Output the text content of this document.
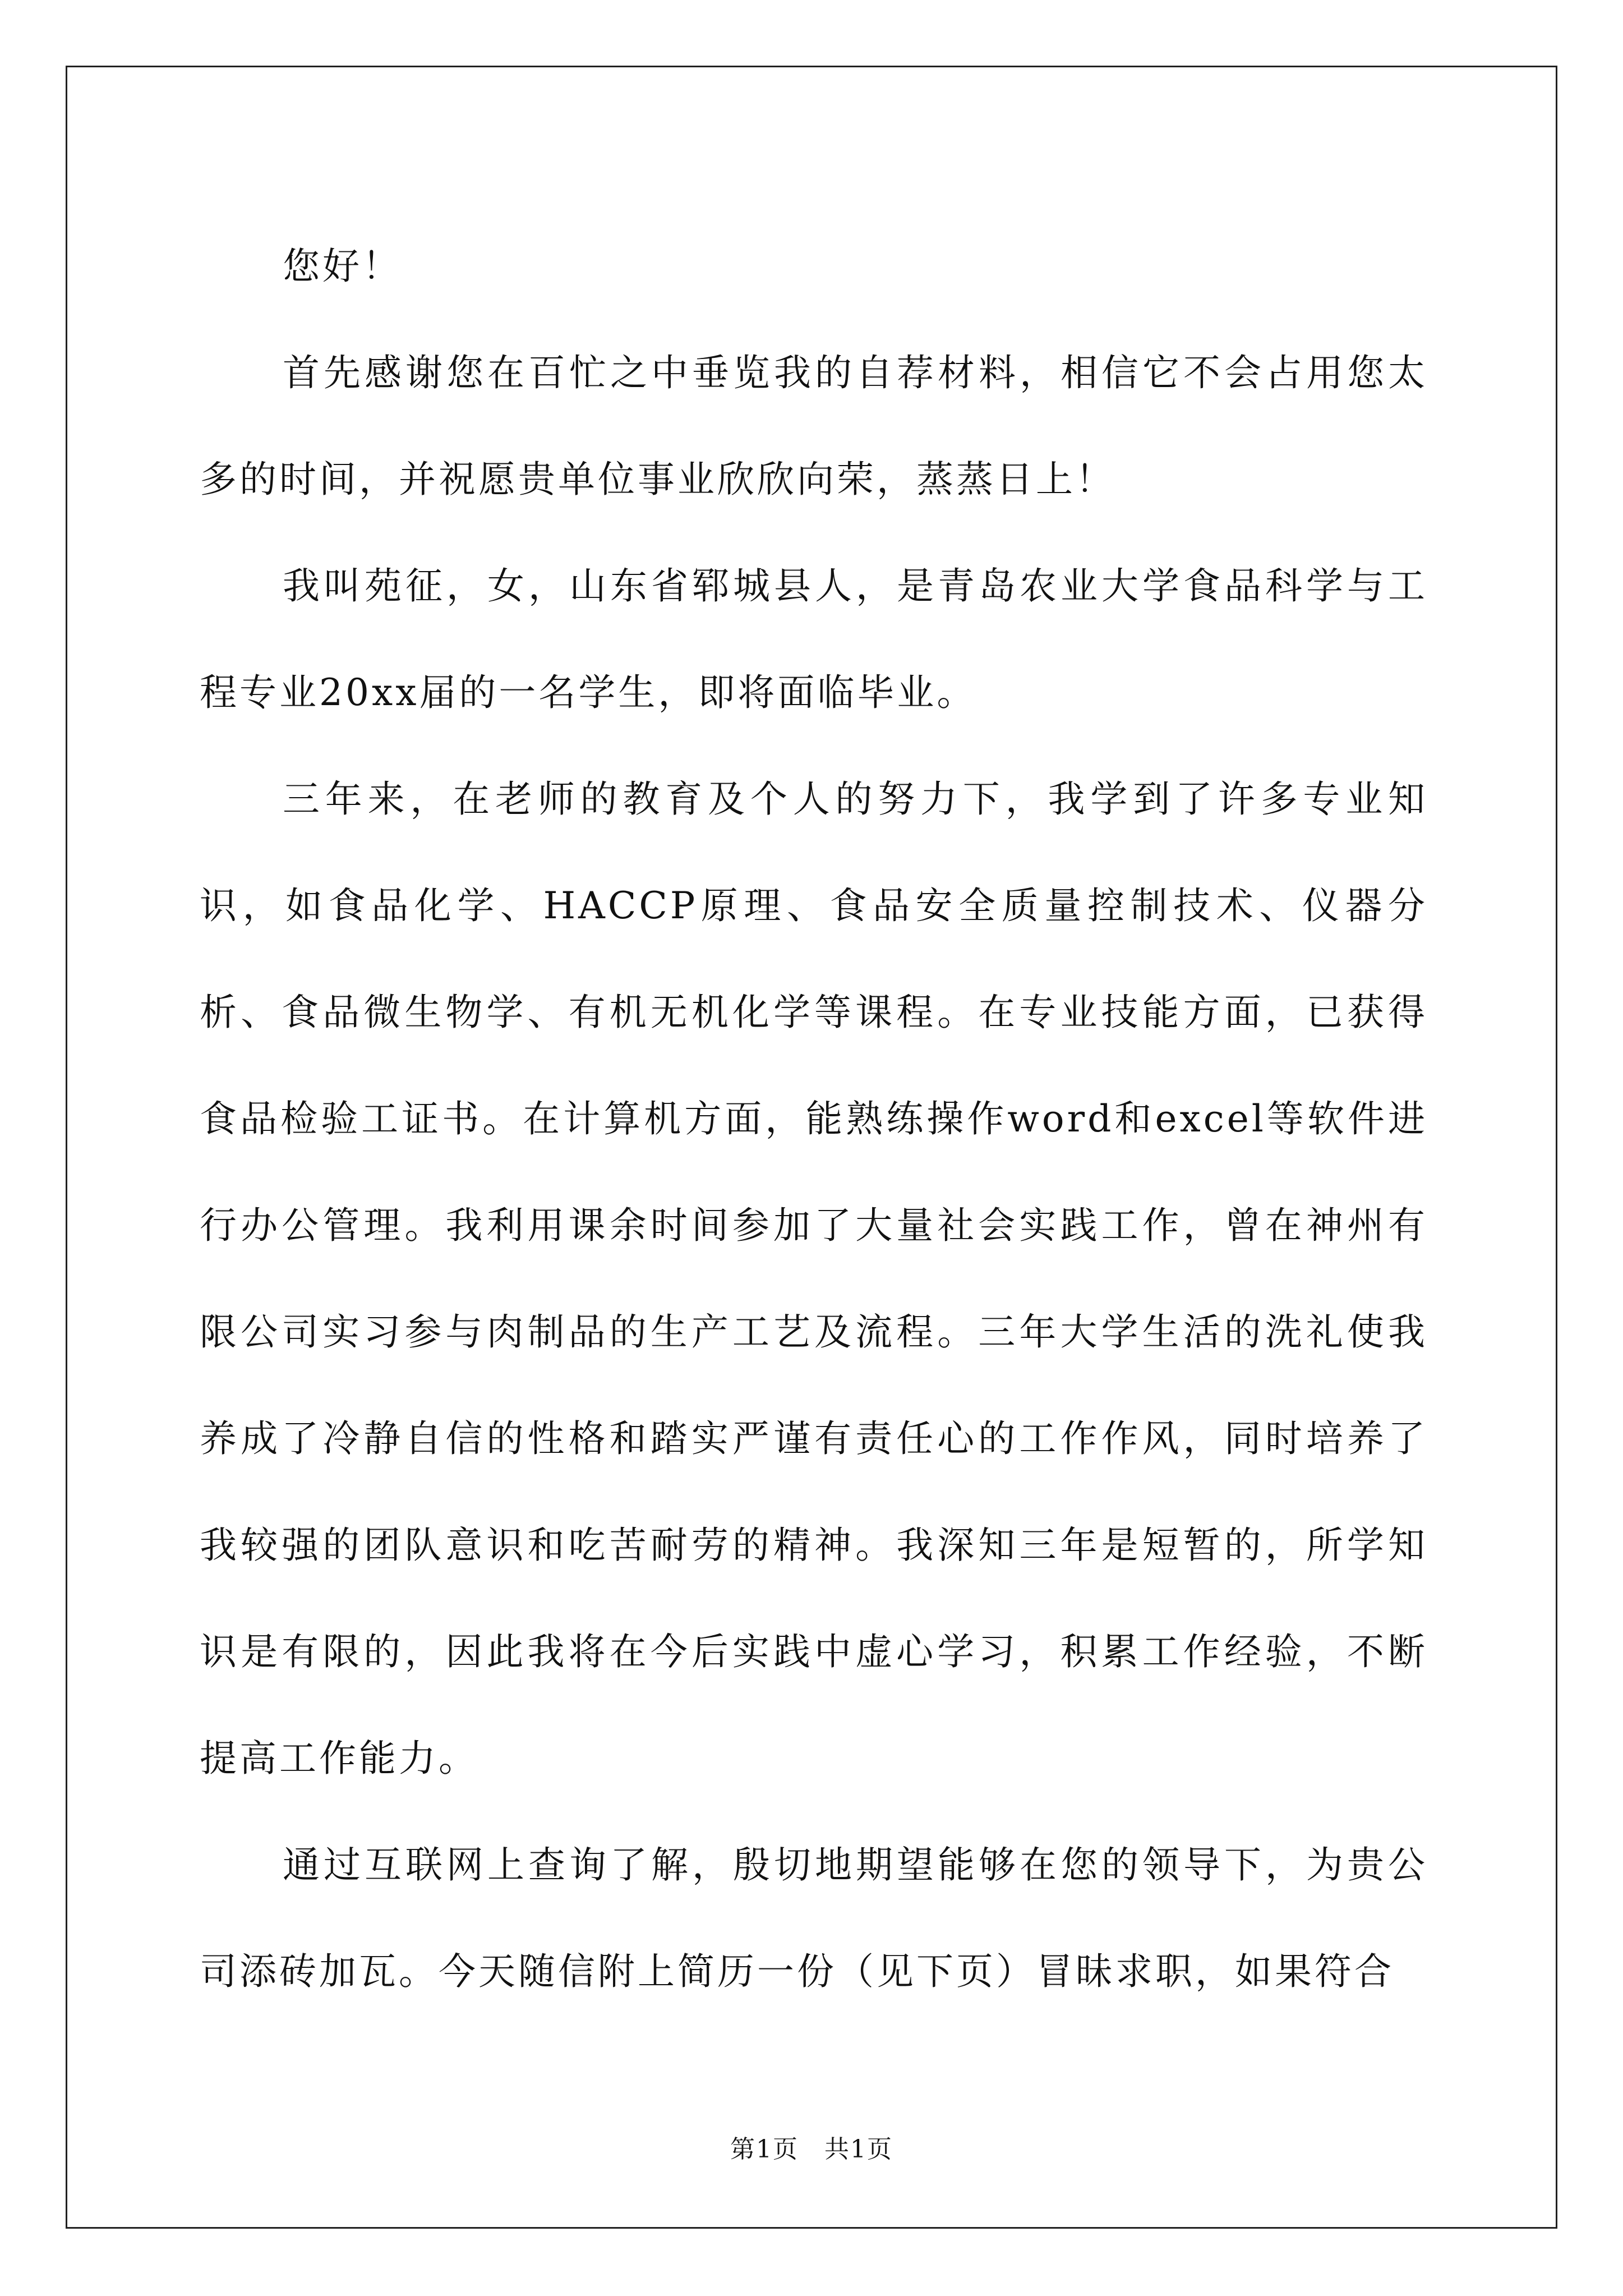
您好！

首先感谢您在百忙之中垂览我的自荐材料，相信它不会占用您太多的时间，并祝愿贵单位事业欣欣向荣，蒸蒸日上！

我叫苑征，女，山东省郓城县人，是青岛农业大学食品科学与工程专业20xx届的一名学生，即将面临毕业。

三年来，在老师的教育及个人的努力下，我学到了许多专业知识，如食品化学、HACCP原理、食品安全质量控制技术、仪器分析、食品微生物学、有机无机化学等课程。在专业技能方面，已获得食品检验工证书。在计算机方面，能熟练操作word和excel等软件进行办公管理。我利用课余时间参加了大量社会实践工作，曾在神州有限公司实习参与肉制品的生产工艺及流程。三年大学生活的洗礼使我养成了冷静自信的性格和踏实严谨有责任心的工作作风，同时培养了我较强的团队意识和吃苦耐劳的精神。我深知三年是短暂的，所学知识是有限的，因此我将在今后实践中虚心学习，积累工作经验，不断提高工作能力。

通过互联网上查询了解，殷切地期望能够在您的领导下，为贵公司添砖加瓦。今天随信附上简历一份（见下页）冒昧求职，如果符合

第1页　共1页
